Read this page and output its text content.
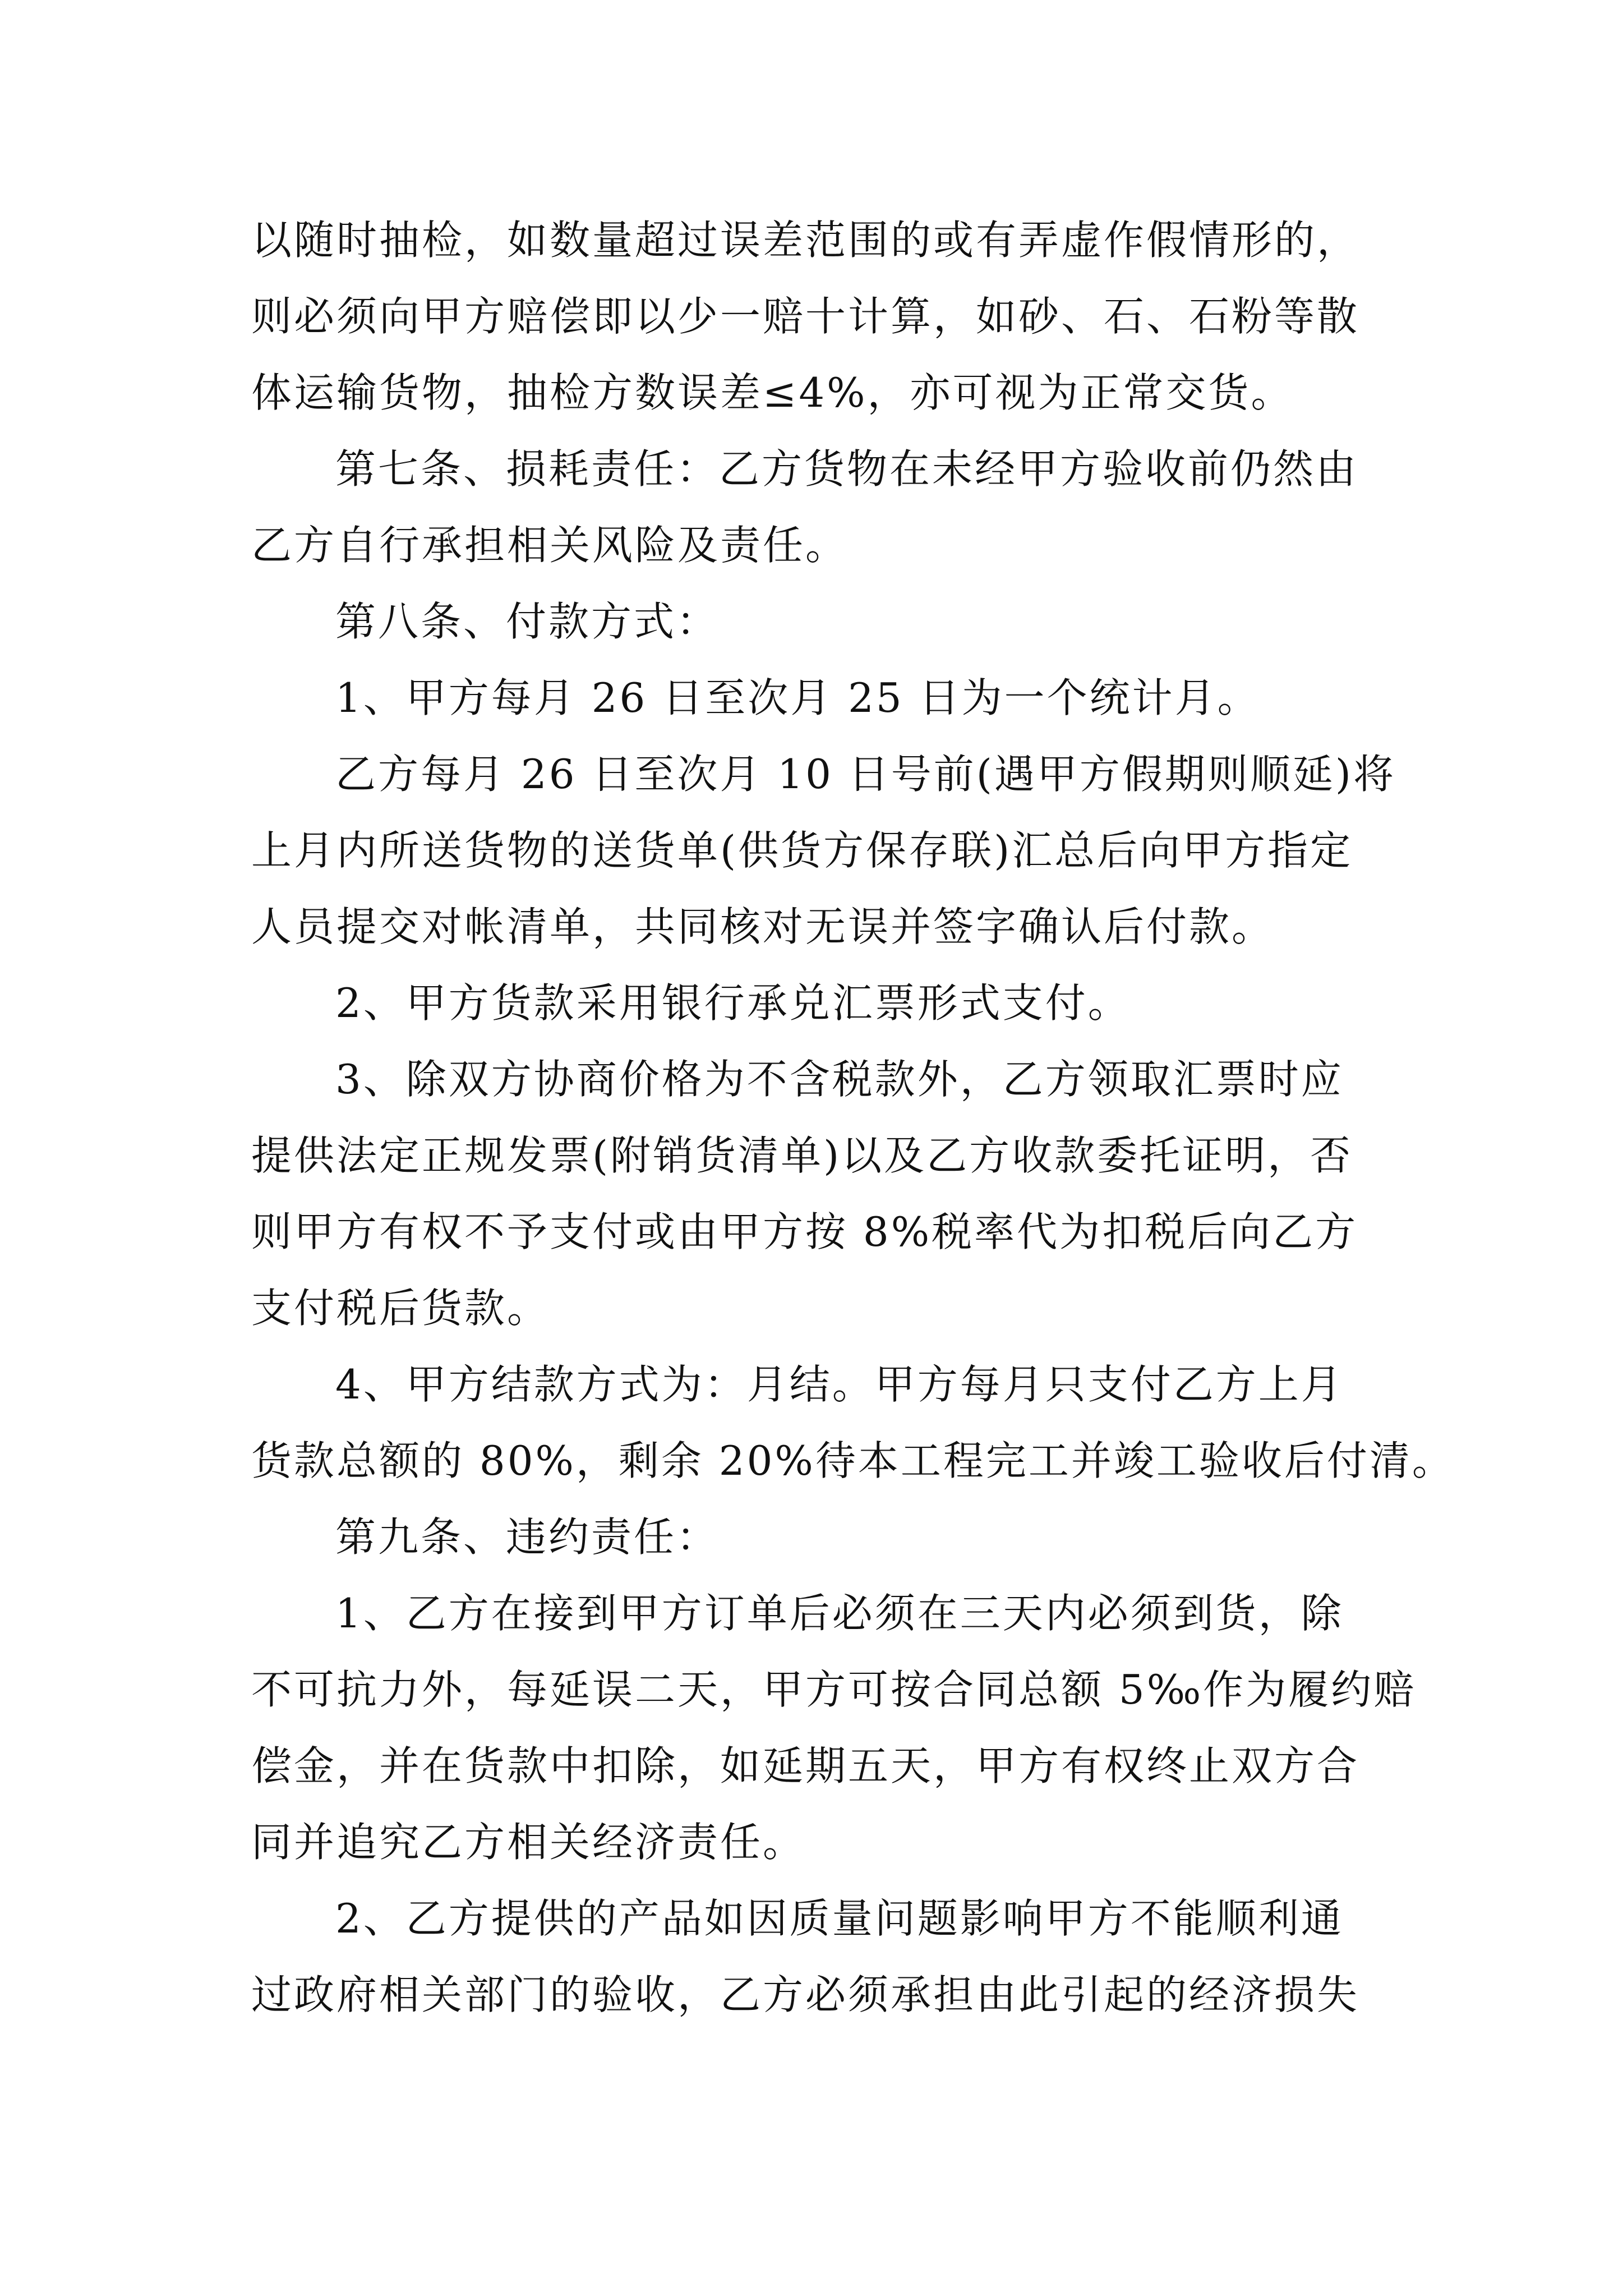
以随时抽检，如数量超过误差范围的或有弄虚作假情形的，
则必须向甲方赔偿即以少一赔十计算，如砂、石、石粉等散
体运输货物，抽检方数误差≤4%，亦可视为正常交货。
第七条、损耗责任：乙方货物在未经甲方验收前仍然由
乙方自行承担相关风险及责任。
第八条、付款方式：
1、甲方每月 26 日至次月 25 日为一个统计月。
乙方每月 26 日至次月 10 日号前(遇甲方假期则顺延)将
上月内所送货物的送货单(供货方保存联)汇总后向甲方指定
人员提交对帐清单，共同核对无误并签字确认后付款。
2、甲方货款采用银行承兑汇票形式支付。
3、除双方协商价格为不含税款外，乙方领取汇票时应
提供法定正规发票(附销货清单)以及乙方收款委托证明，否
则甲方有权不予支付或由甲方按 8%税率代为扣税后向乙方
支付税后货款。
4、甲方结款方式为：月结。甲方每月只支付乙方上月
货款总额的 80%，剩余 20%待本工程完工并竣工验收后付清。
第九条、违约责任：
1、乙方在接到甲方订单后必须在三天内必须到货，除
不可抗力外，每延误二天，甲方可按合同总额 5‰作为履约赔
偿金，并在货款中扣除，如延期五天，甲方有权终止双方合
同并追究乙方相关经济责任。
2、乙方提供的产品如因质量问题影响甲方不能顺利通
过政府相关部门的验收，乙方必须承担由此引起的经济损失
